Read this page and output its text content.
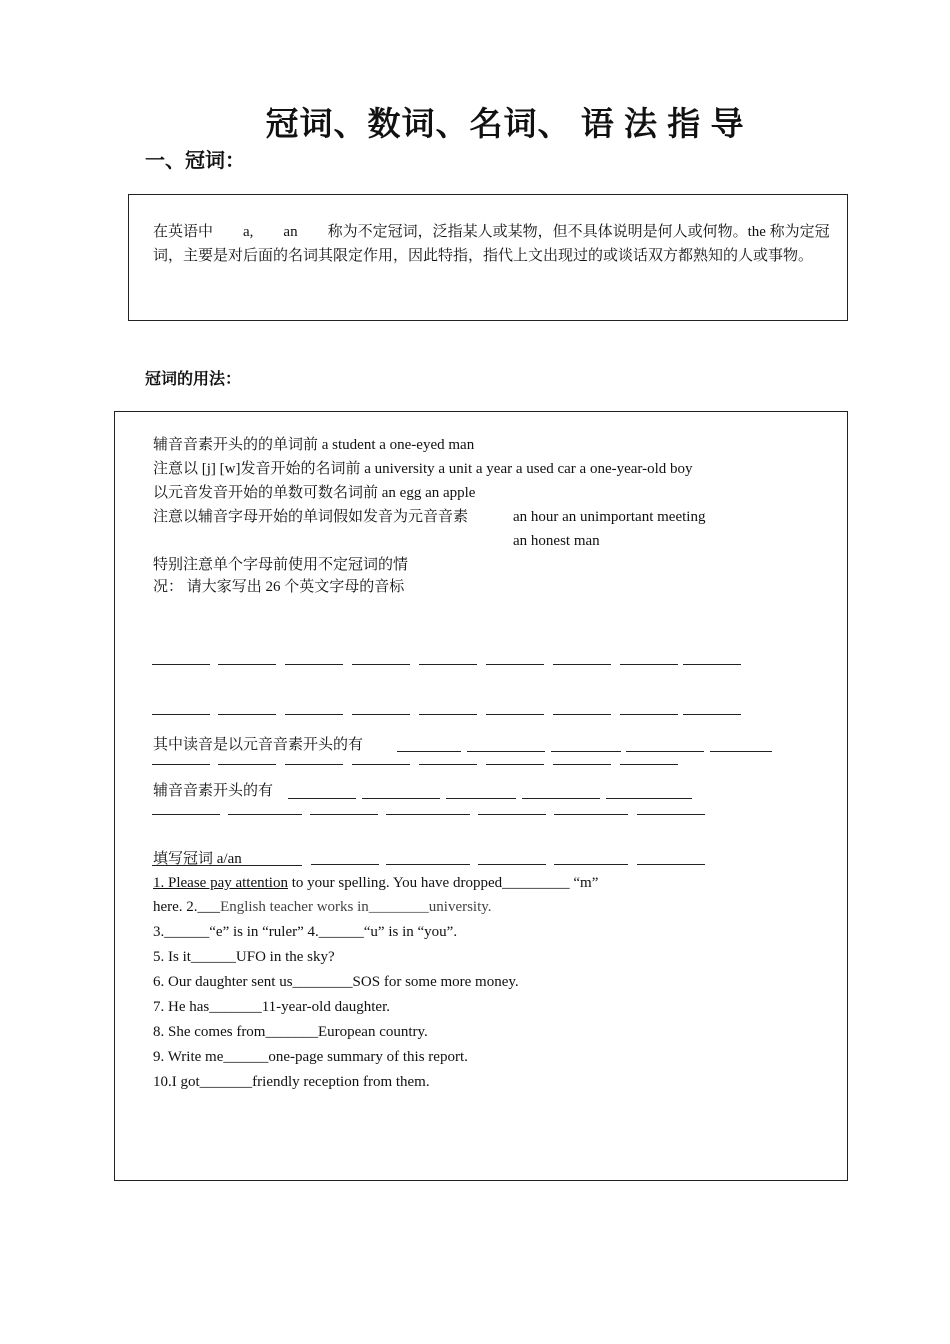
冠词、数词、名词、 语 法 指 导
一、冠词：
在英语中　　a,　　an　　称为不定冠词，泛指某人或某物，但不具体说明是何人或何物。the 称为定冠词，主要是对后面的名词其限定作用，因此特指，指代上文出现过的或谈话双方都熟知的人或事物。
冠词的用法：
辅音音素开头的的单词前 a student a one-eyed man
注意以 [j] [w]发音开始的名词前 a university a unit a year a used car a one-year-old boy
以元音发音开始的单数可数名词前 an egg an apple
注意以辅音字母开始的单词假如发音为元音音素	an hour an unimportant meeting
an honest man
特别注意单个字母前使用不定冠词的情
况： 请大家写出 26 个英文字母的音标
其中读音是以元音音素开头的有
辅音音素开头的有
填写冠词 a/an
1. Please pay attention to your spelling. You have dropped_________ “m”
here. 2.___English teacher works in________university.
3.______“e” is in “ruler” 4.______“u” is in “you”.
5. Is it______UFO in the sky?
6. Our daughter sent us________SOS for some more money.
7. He has_______11-year-old daughter.
8. She comes from_______European country.
9. Write me______one-page summary of this report.
10.I got_______friendly reception from them.
